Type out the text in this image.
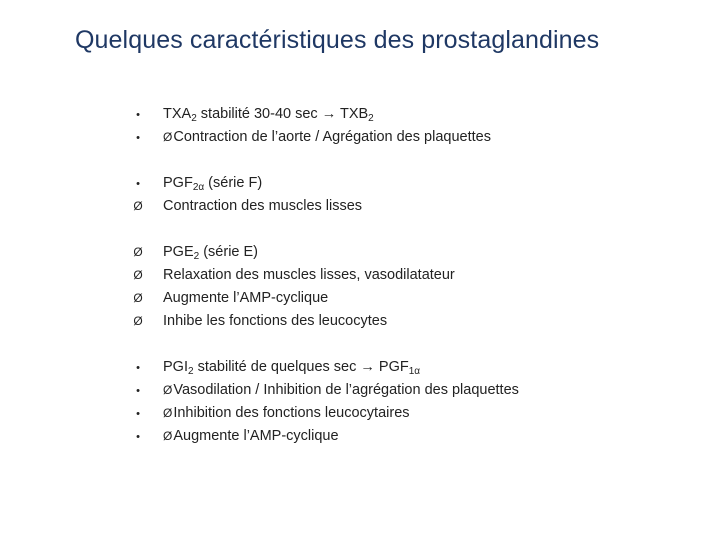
Quelques caractéristiques des prostaglandines
•	$TXA_2$ stabilité 30-40 $\sec \to TXB_2$
•	ØContraction de l’aorte / Agrégation des plaquettes
•	$PGF_{2\alpha}$ (série F)
Ø	Contraction des muscles lisses
Ø	$PGE_2$ (série E)
Ø	Relaxation des muscles lisses, vasodilatateur
Ø	Augmente l’AMP-cyclique
Ø	Inhibe les fonctions des leucocytes
•	$PGI_2$ stabilité de quelques $\sec \to PGF_{1\alpha}$
•	ØVasodilation / Inhibition de l’agrégation des plaquettes
•	ØInhibition des fonctions leucocytaires
•	ØAugmente l’AMP-cyclique
